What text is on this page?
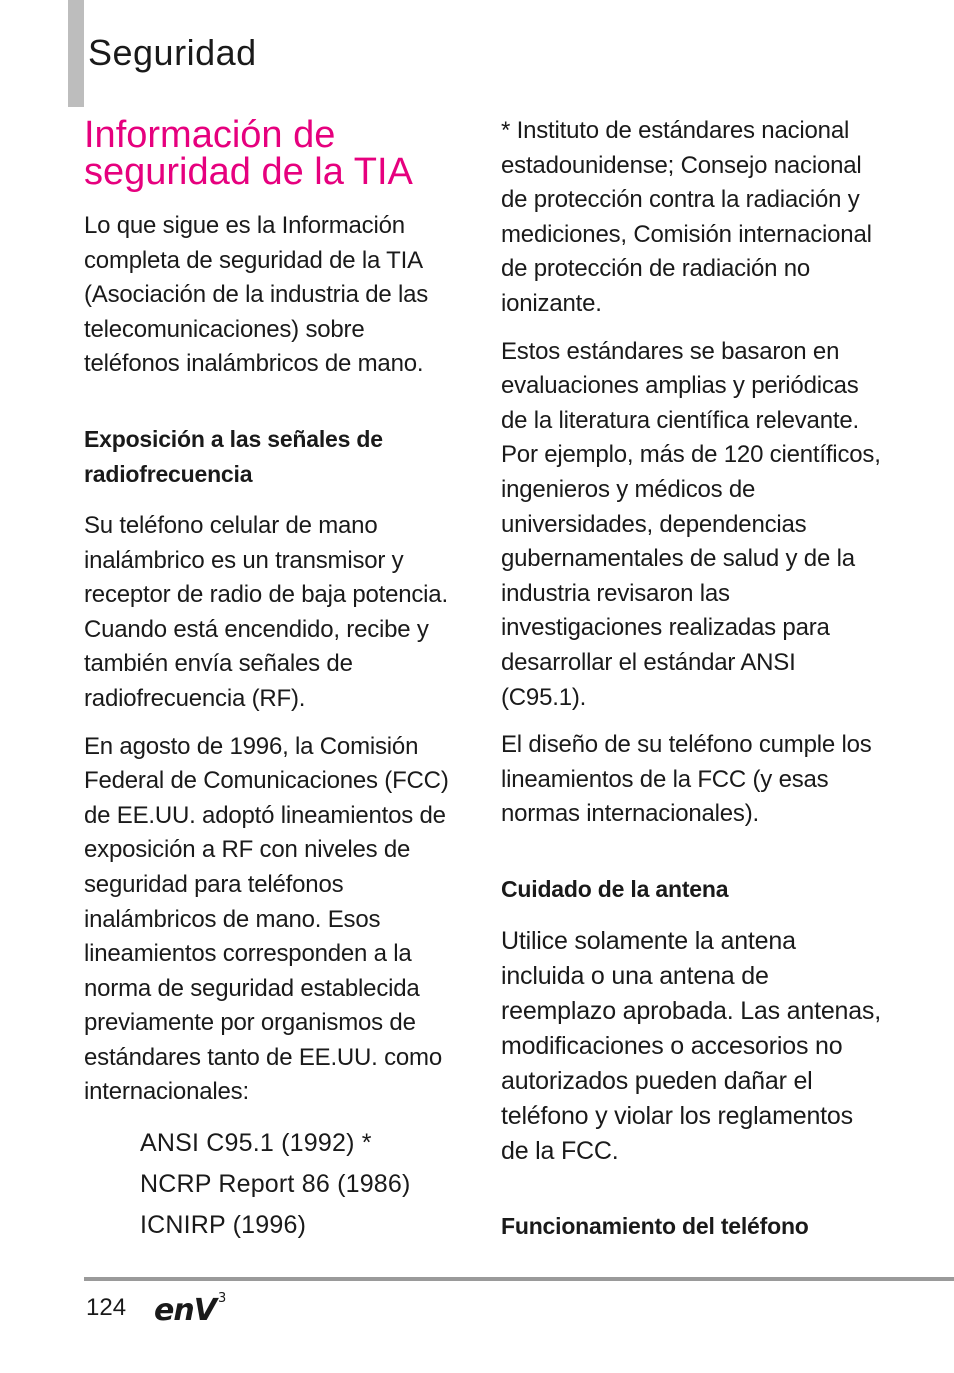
Seguridad
Información de
seguridad de la TIA

Lo que sigue es la Información completa de seguridad de la TIA (Asociación de la industria de las telecomunicaciones) sobre teléfonos inalámbricos de mano.

Exposición a las señales de radiofrecuencia

Su teléfono celular de mano inalámbrico es un transmisor y receptor de radio de baja potencia. Cuando está encendido, recibe y también envía señales de radiofrecuencia (RF).

En agosto de 1996, la Comisión Federal de Comunicaciones (FCC) de EE.UU. adoptó lineamientos de exposición a RF con niveles de seguridad para teléfonos inalámbricos de mano. Esos lineamientos corresponden a la norma de seguridad establecida previamente por organismos de estándares tanto de EE.UU. como internacionales:

ANSI C95.1 (1992) *
NCRP Report 86 (1986)
ICNIRP (1996)

* Instituto de estándares nacional estadounidense; Consejo nacional de protección contra la radiación y mediciones, Comisión internacional de protección de radiación no ionizante.

Estos estándares se basaron en evaluaciones amplias y periódicas de la literatura científica relevante. Por ejemplo, más de 120 científicos, ingenieros y médicos de universidades, dependencias gubernamentales de salud y de la industria revisaron las investigaciones realizadas para desarrollar el estándar ANSI (C95.1).

El diseño de su teléfono cumple los lineamientos de la FCC (y esas normas internacionales).

Cuidado de la antena

Utilice solamente la antena incluida o una antena de reemplazo aprobada. Las antenas, modificaciones o accesorios no autorizados pueden dañar el teléfono y violar los reglamentos de la FCC.

Funcionamiento del teléfono
124 enV 3
